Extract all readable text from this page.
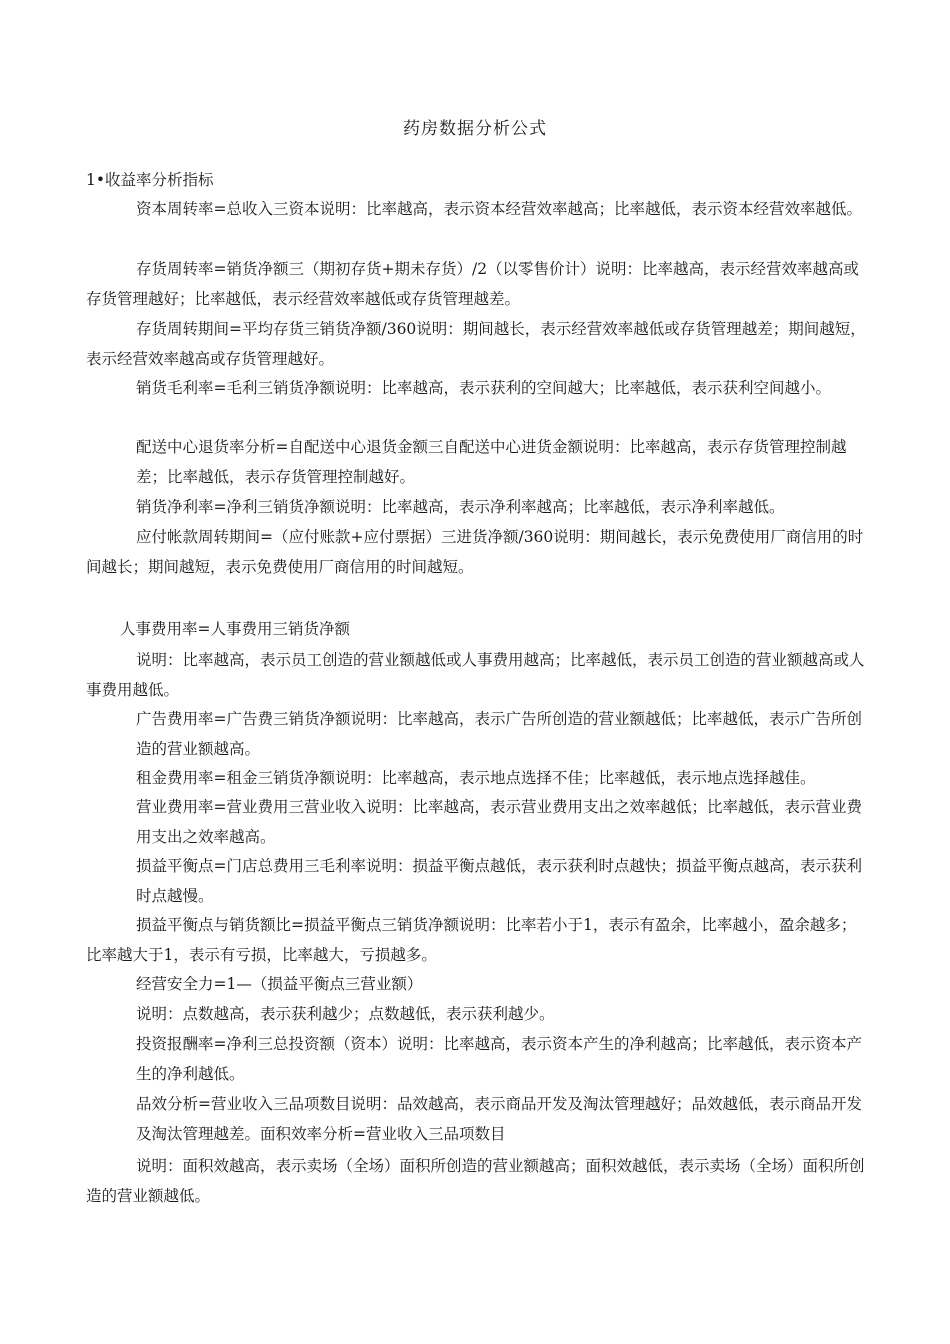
药房数据分析公式
1•收益率分析指标

资本周转率=总收入三资本说明：比率越高，表示资本经营效率越高；比率越低，表示资本经营效率越低。

存货周转率=销货净额三（期初存货+期未存货）/2（以零售价计）说明：比率越高，表示经营效率越高或存货管理越好；比率越低，表示经营效率越低或存货管理越差。

存货周转期间=平均存货三销货净额/360说明：期间越长，表示经营效率越低或存货管理越差；期间越短，表示经营效率越高或存货管理越好。

销货毛利率=毛利三销货净额说明：比率越高，表示获利的空间越大；比率越低，表示获利空间越小。

配送中心退货率分析=自配送中心退货金额三自配送中心进货金额说明：比率越高，表示存货管理控制越差；比率越低，表示存货管理控制越好。

销货净利率=净利三销货净额说明：比率越高，表示净利率越高；比率越低，表示净利率越低。

应付帐款周转期间=（应付账款+应付票据）三进货净额/360说明：期间越长，表示免费使用厂商信用的时间越长；期间越短，表示免费使用厂商信用的时间越短。

人事费用率=人事费用三销货净额

说明：比率越高，表示员工创造的营业额越低或人事费用越高；比率越低，表示员工创造的营业额越高或人事费用越低。

广告费用率=广告费三销货净额说明：比率越高，表示广告所创造的营业额越低；比率越低，表示广告所创造的营业额越高。

租金费用率=租金三销货净额说明：比率越高，表示地点选择不佳；比率越低，表示地点选择越佳。

营业费用率=营业费用三营业收入说明：比率越高，表示营业费用支出之效率越低；比率越低，表示营业费用支出之效率越高。

损益平衡点=门店总费用三毛利率说明：损益平衡点越低，表示获利时点越快；损益平衡点越高，表示获利时点越慢。

损益平衡点与销货额比=损益平衡点三销货净额说明：比率若小于1，表示有盈余，比率越小，盈余越多；比率越大于1，表示有亏损，比率越大，亏损越多。

经营安全力=1—（损益平衡点三营业额）

说明：点数越高，表示获利越少；点数越低，表示获利越少。

投资报酬率=净利三总投资额（资本）说明：比率越高，表示资本产生的净利越高；比率越低，表示资本产生的净利越低。

品效分析=营业收入三品项数目说明：品效越高，表示商品开发及淘汰管理越好；品效越低，表示商品开发及淘汰管理越差。面积效率分析=营业收入三品项数目

说明：面积效越高，表示卖场（全场）面积所创造的营业额越高；面积效越低，表示卖场（全场）面积所创造的营业额越低。
